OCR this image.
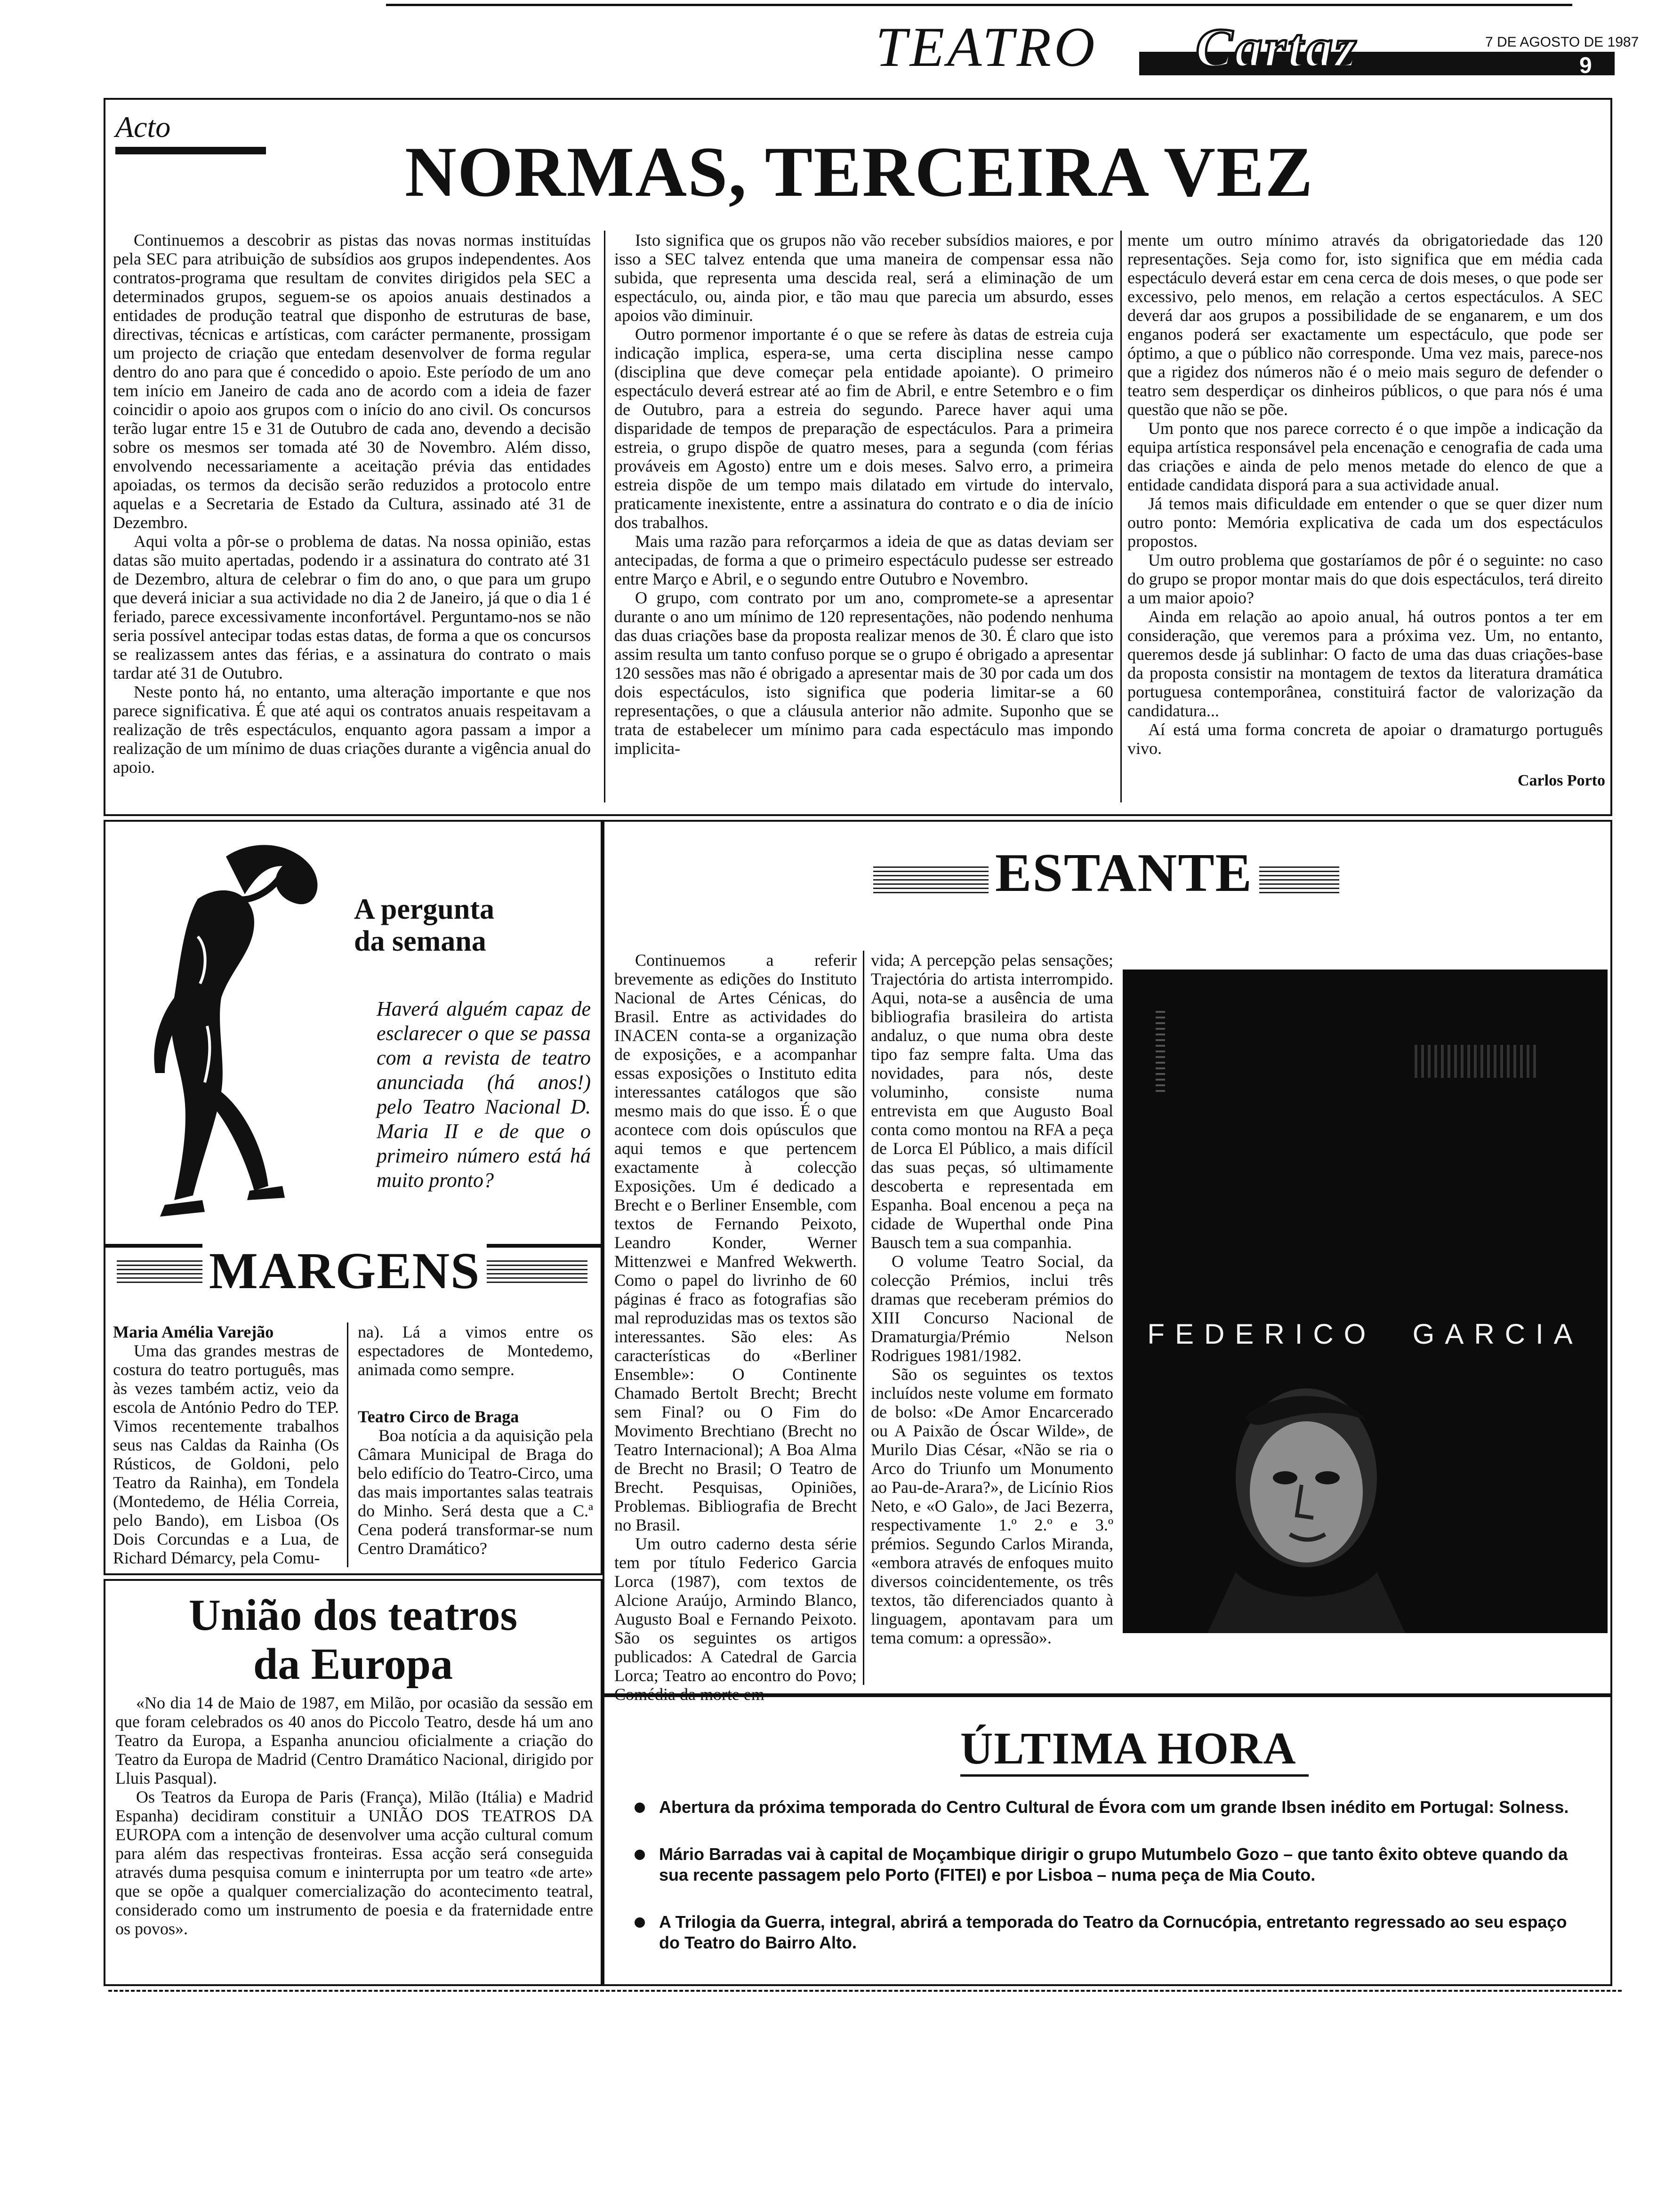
TEATRO Cartaz	7 DE AGOSTO DE 1987
9
Acto
NORMAS, TERCEIRA VEZ

Continuemos a descobrir as pistas das novas normas instituídas pela SEC para atribuição de subsídios aos grupos independentes. Aos contratos-programa que resultam de convites dirigidos pela SEC a determinados grupos, seguem-se os apoios anuais destinados a entidades de produção teatral que disponho de estruturas de base, directivas, técnicas e artísticas, com carácter permanente, prossigam um projecto de criação que entedam desenvolver de forma regular dentro do ano para que é concedido o apoio. Este período de um ano tem início em Janeiro de cada ano de acordo com a ideia de fazer coincidir o apoio aos grupos com o início do ano civil. Os concursos terão lugar entre 15 e 31 de Outubro de cada ano, devendo a decisão sobre os mesmos ser tomada até 30 de Novembro. Além disso, envolvendo necessariamente a aceitação prévia das entidades apoiadas, os termos da decisão serão reduzidos a protocolo entre aquelas e a Secretaria de Estado da Cultura, assinado até 31 de Dezembro.

Aqui volta a pôr-se o problema de datas. Na nossa opinião, estas datas são muito apertadas, podendo ir a assinatura do contrato até 31 de Dezembro, altura de celebrar o fim do ano, o que para um grupo que deverá iniciar a sua actividade no dia 2 de Janeiro, já que o dia 1 é feriado, parece excessivamente inconfortável. Perguntamo-nos se não seria possível antecipar todas estas datas, de forma a que os concursos se realizassem antes das férias, e a assinatura do contrato o mais tardar até 31 de Outubro.

Neste ponto há, no entanto, uma alteração importante e que nos parece significativa. É que até aqui os contratos anuais respeitavam a realização de três espectáculos, enquanto agora passam a impor a realização de um mínimo de duas criações durante a vigência anual do apoio.

Isto significa que os grupos não vão receber subsídios maiores, e por isso a SEC talvez entenda que uma maneira de compensar essa não subida, que representa uma descida real, será a eliminação de um espectáculo, ou, ainda pior, e tão mau que parecia um absurdo, esses apoios vão diminuir.

Outro pormenor importante é o que se refere às datas de estreia cuja indicação implica, espera-se, uma certa disciplina nesse campo (disciplina que deve começar pela entidade apoiante). O primeiro espectáculo deverá estrear até ao fim de Abril, e entre Setembro e o fim de Outubro, para a estreia do segundo. Parece haver aqui uma disparidade de tempos de preparação de espectáculos. Para a primeira estreia, o grupo dispõe de quatro meses, para a segunda (com férias prováveis em Agosto) entre um e dois meses. Salvo erro, a primeira estreia dispõe de um tempo mais dilatado em virtude do intervalo, praticamente inexistente, entre a assinatura do contrato e o dia de início dos trabalhos.

Mais uma razão para reforçarmos a ideia de que as datas deviam ser antecipadas, de forma a que o primeiro espectáculo pudesse ser estreado entre Março e Abril, e o segundo entre Outubro e Novembro.

O grupo, com contrato por um ano, compromete-se a apresentar durante o ano um mínimo de 120 representações, não podendo nenhuma das duas criações base da proposta realizar menos de 30. É claro que isto assim resulta um tanto confuso porque se o grupo é obrigado a apresentar 120 sessões mas não é obrigado a apresentar mais de 30 por cada um dos dois espectáculos, isto significa que poderia limitar-se a 60 representações, o que a cláusula anterior não admite. Suponho que se trata de estabelecer um mínimo para cada espectáculo mas impondo implicita-

mente um outro mínimo através da obrigatoriedade das 120 representações. Seja como for, isto significa que em média cada espectáculo deverá estar em cena cerca de dois meses, o que pode ser excessivo, pelo menos, em relação a certos espectáculos. A SEC deverá dar aos grupos a possibilidade de se enganarem, e um dos enganos poderá ser exactamente um espectáculo, que pode ser óptimo, a que o público não corresponde. Uma vez mais, parece-nos que a rigidez dos números não é o meio mais seguro de defender o teatro sem desperdiçar os dinheiros públicos, o que para nós é uma questão que não se põe.

Um ponto que nos parece correcto é o que impõe a indicação da equipa artística responsável pela encenação e cenografia de cada uma das criações e ainda de pelo menos metade do elenco de que a entidade candidata disporá para a sua actividade anual.

Já temos mais dificuldade em entender o que se quer dizer num outro ponto: Memória explicativa de cada um dos espectáculos propostos.

Um outro problema que gostaríamos de pôr é o seguinte: no caso do grupo se propor montar mais do que dois espectáculos, terá direito a um maior apoio?

Ainda em relação ao apoio anual, há outros pontos a ter em consideração, que veremos para a próxima vez. Um, no entanto, queremos desde já sublinhar: O facto de uma das duas criações-base da proposta consistir na montagem de textos da literatura dramática portuguesa contemporânea, constituirá factor de valorização da candidatura...

Aí está uma forma concreta de apoiar o dramaturgo português vivo.

Carlos Porto
A pergunta
da semana
Haverá alguém capaz de esclarecer o que se passa com a revista de teatro anunciada (há anos!) pelo Teatro Nacional D. Maria II e de que o primeiro número está há muito pronto?
MARGENS

Maria Amélia Varejão

Uma das grandes mestras de costura do teatro português, mas às vezes também actiz, veio da escola de António Pedro do TEP. Vimos recentemente trabalhos seus nas Caldas da Rainha (Os Rústicos, de Goldoni, pelo Teatro da Rainha), em Tondela (Montedemo, de Hélia Correia, pelo Bando), em Lisboa (Os Dois Corcundas e a Lua, de Richard Démarcy, pela Comu-

na). Lá a vimos entre os espectadores de Montedemo, animada como sempre.

Teatro Circo de Braga

Boa notícia a da aquisição pela Câmara Municipal de Braga do belo edifício do Teatro-Circo, uma das mais importantes salas teatrais do Minho. Será desta que a C.ª Cena poderá transformar-se num Centro Dramático?

União dos teatros
da Europa

«No dia 14 de Maio de 1987, em Milão, por ocasião da sessão em que foram celebrados os 40 anos do Piccolo Teatro, desde há um ano Teatro da Europa, a Espanha anunciou oficialmente a criação do Teatro da Europa de Madrid (Centro Dramático Nacional, dirigido por Lluis Pasqual).

Os Teatros da Europa de Paris (França), Milão (Itália) e Madrid Espanha) decidiram constituir a UNIÃO DOS TEATROS DA EUROPA com a intenção de desenvolver uma acção cultural comum para além das respectivas fronteiras. Essa acção será conseguida através duma pesquisa comum e ininterrupta por um teatro «de arte» que se opõe a qualquer comercialização do acontecimento teatral, considerado como um instrumento de poesia e da fraternidade entre os povos».

ESTANTE

Continuemos a referir brevemente as edições do Instituto Nacional de Artes Cénicas, do Brasil. Entre as actividades do INACEN conta-se a organização de exposições, e a acompanhar essas exposições o Instituto edita interessantes catálogos que são mesmo mais do que isso. É o que acontece com dois opúsculos que aqui temos e que pertencem exactamente à colecção Exposições. Um é dedicado a Brecht e o Berliner Ensemble, com textos de Fernando Peixoto, Leandro Konder, Werner Mittenzwei e Manfred Wekwerth. Como o papel do livrinho de 60 páginas é fraco as fotografias são mal reproduzidas mas os textos são interessantes. São eles: As características do «Berliner Ensemble»: O Continente Chamado Bertolt Brecht; Brecht sem Final? ou O Fim do Movimento Brechtiano (Brecht no Teatro Internacional); A Boa Alma de Brecht no Brasil; O Teatro de Brecht. Pesquisas, Opiniões, Problemas. Bibliografia de Brecht no Brasil.

Um outro caderno desta série tem por título Federico Garcia Lorca (1987), com textos de Alcione Araújo, Armindo Blanco, Augusto Boal e Fernando Peixoto. São os seguintes os artigos publicados: A Catedral de Garcia Lorca; Teatro ao encontro do Povo; Comédia da morte em

vida; A percepção pelas sensações; Trajectória do artista interrompido. Aqui, nota-se a ausência de uma bibliografia brasileira do artista andaluz, o que numa obra deste tipo faz sempre falta. Uma das novidades, para nós, deste voluminho, consiste numa entrevista em que Augusto Boal conta como montou na RFA a peça de Lorca El Público, a mais difícil das suas peças, só ultimamente descoberta e representada em Espanha. Boal encenou a peça na cidade de Wuperthal onde Pina Bausch tem a sua companhia.

O volume Teatro Social, da colecção Prémios, inclui três dramas que receberam prémios do XIII Concurso Nacional de Dramaturgia/Prémio Nelson Rodrigues 1981/1982.

São os seguintes os textos incluídos neste volume em formato de bolso: «De Amor Encarcerado ou A Paixão de Óscar Wilde», de Murilo Dias César, «Não se ria o Arco do Triunfo um Monumento ao Pau-de-Arara?», de Licínio Rios Neto, e «O Galo», de Jaci Bezerra, respectivamente 1.º 2.º e 3.º prémios. Segundo Carlos Miranda, «embora através de enfoques muito diversos coincidentemente, os três textos, tão diferenciados quanto à linguagem, apontavam para um tema comum: a opressão».

FEDERICO  GARCIA
ÚLTIMA HORA
Abertura da próxima temporada do Centro Cultural de Évora com um grande Ibsen inédito em Portugal: Solness.
Mário Barradas vai à capital de Moçambique dirigir o grupo Mutumbelo Gozo – que tanto êxito obteve quando da sua recente passagem pelo Porto (FITEI) e por Lisboa – numa peça de Mia Couto.
A Trilogia da Guerra, integral, abrirá a temporada do Teatro da Cornucópia, entretanto regressado ao seu espaço do Teatro do Bairro Alto.
